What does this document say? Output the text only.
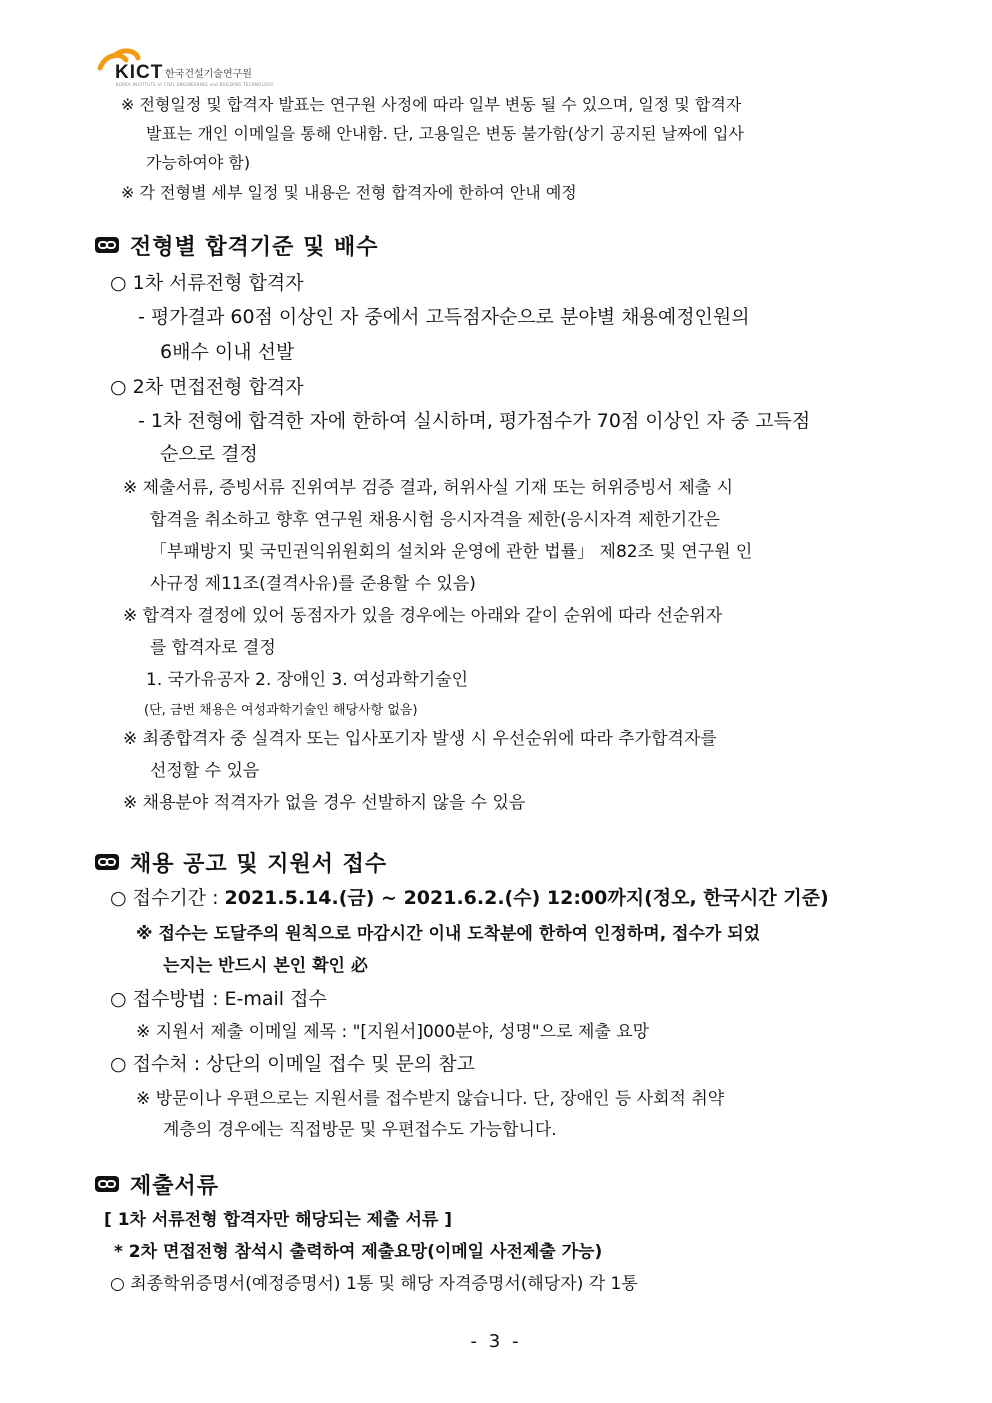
KICT 한국건설기술연구원
KOREA INSTITUTE of CIVIL ENGINEERING and BUILDING TECHNOLOGY
※ 전형일정 및 합격자 발표는 연구원 사정에 따라 일부 변동 될 수 있으며, 일정 및 합격자
발표는 개인 이메일을 통해 안내함. 단, 고용일은 변동 불가함(상기 공지된 날짜에 입사
가능하여야 함)
※ 각 전형별 세부 일정 및 내용은 전형 합격자에 한하여 안내 예정
전형별 합격기준 및 배수
○ 1차 서류전형 합격자
- 평가결과 60점 이상인 자 중에서 고득점자순으로 분야별 채용예정인원의
6배수 이내 선발
○ 2차 면접전형 합격자
- 1차 전형에 합격한 자에 한하여 실시하며, 평가점수가 70점 이상인 자 중 고득점
순으로 결정
※ 제출서류, 증빙서류 진위여부 검증 결과, 허위사실 기재 또는 허위증빙서 제출 시
합격을 취소하고 향후 연구원 채용시험 응시자격을 제한(응시자격 제한기간은
「부패방지 및 국민권익위원회의 설치와 운영에 관한 법률」 제82조 및 연구원 인
사규정 제11조(결격사유)를 준용할 수 있음)
※ 합격자 결정에 있어 동점자가 있을 경우에는 아래와 같이 순위에 따라 선순위자
를 합격자로 결정
1. 국가유공자 2. 장애인 3. 여성과학기술인
(단, 금번 채용은 여성과학기술인 해당사항 없음)
※ 최종합격자 중 실격자 또는 입사포기자 발생 시 우선순위에 따라 추가합격자를
선정할 수 있음
※ 채용분야 적격자가 없을 경우 선발하지 않을 수 있음
채용 공고 및 지원서 접수
○ 접수기간 : 2021.5.14.(금) ~ 2021.6.2.(수) 12:00까지(정오, 한국시간 기준)
※ 접수는 도달주의 원칙으로 마감시간 이내 도착분에 한하여 인정하며, 접수가 되었
는지는 반드시 본인 확인 必
○ 접수방법 : E-mail 접수
※ 지원서 제출 이메일 제목 : "[지원서]000분야, 성명"으로 제출 요망
○ 접수처 : 상단의 이메일 접수 및 문의 참고
※ 방문이나 우편으로는 지원서를 접수받지 않습니다. 단, 장애인 등 사회적 취약
계층의 경우에는 직접방문 및 우편접수도 가능합니다.
제출서류
[ 1차 서류전형 합격자만 해당되는 제출 서류 ]
* 2차 면접전형 참석시 출력하여 제출요망(이메일 사전제출 가능)
○ 최종학위증명서(예정증명서) 1통 및 해당 자격증명서(해당자) 각 1통
- 3 -
